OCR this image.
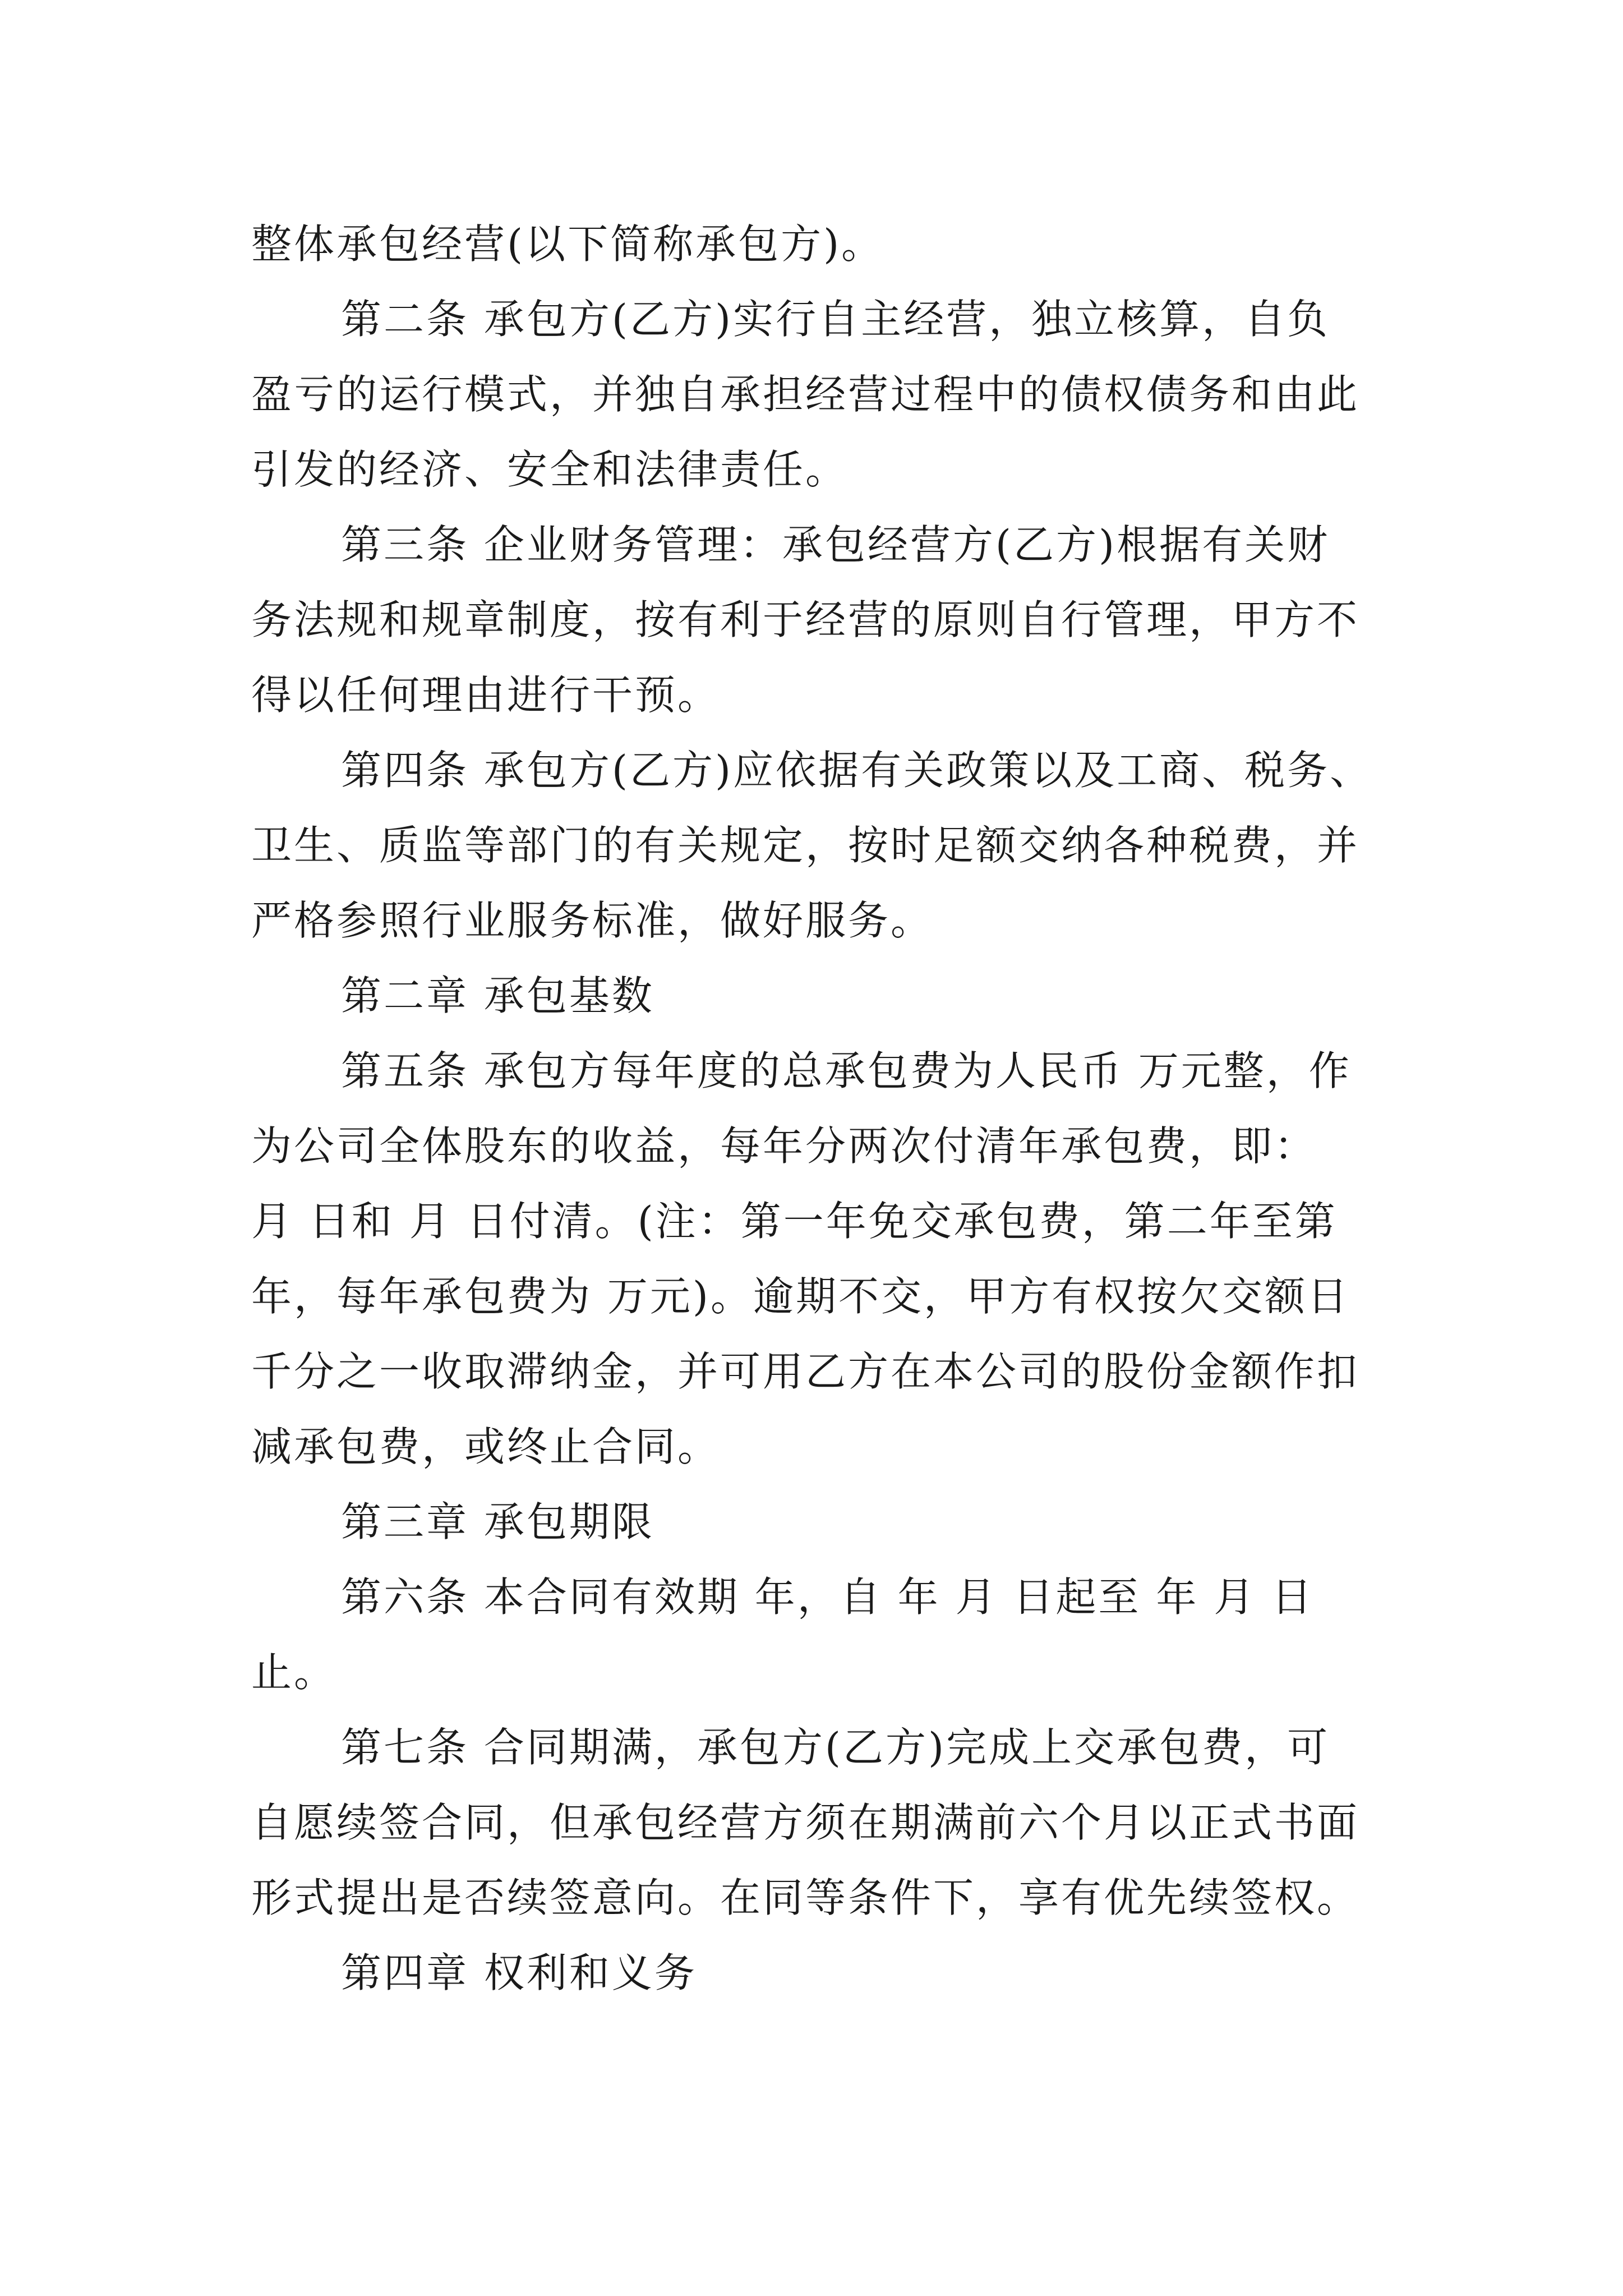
整体承包经营(以下简称承包方)。
第二条 承包方(乙方)实行自主经营，独立核算，自负
盈亏的运行模式，并独自承担经营过程中的债权债务和由此
引发的经济、安全和法律责任。
第三条 企业财务管理：承包经营方(乙方)根据有关财
务法规和规章制度，按有利于经营的原则自行管理，甲方不
得以任何理由进行干预。
第四条 承包方(乙方)应依据有关政策以及工商、税务、
卫生、质监等部门的有关规定，按时足额交纳各种税费，并
严格参照行业服务标准，做好服务。
第二章 承包基数
第五条 承包方每年度的总承包费为人民币 万元整，作
为公司全体股东的收益，每年分两次付清年承包费，即：
月 日和 月 日付清。(注：第一年免交承包费，第二年至第
年，每年承包费为 万元)。逾期不交，甲方有权按欠交额日
千分之一收取滞纳金，并可用乙方在本公司的股份金额作扣
减承包费，或终止合同。
第三章 承包期限
第六条 本合同有效期 年，自 年 月 日起至 年 月 日
止。
第七条 合同期满，承包方(乙方)完成上交承包费，可
自愿续签合同，但承包经营方须在期满前六个月以正式书面
形式提出是否续签意向。在同等条件下，享有优先续签权。
第四章 权利和义务
